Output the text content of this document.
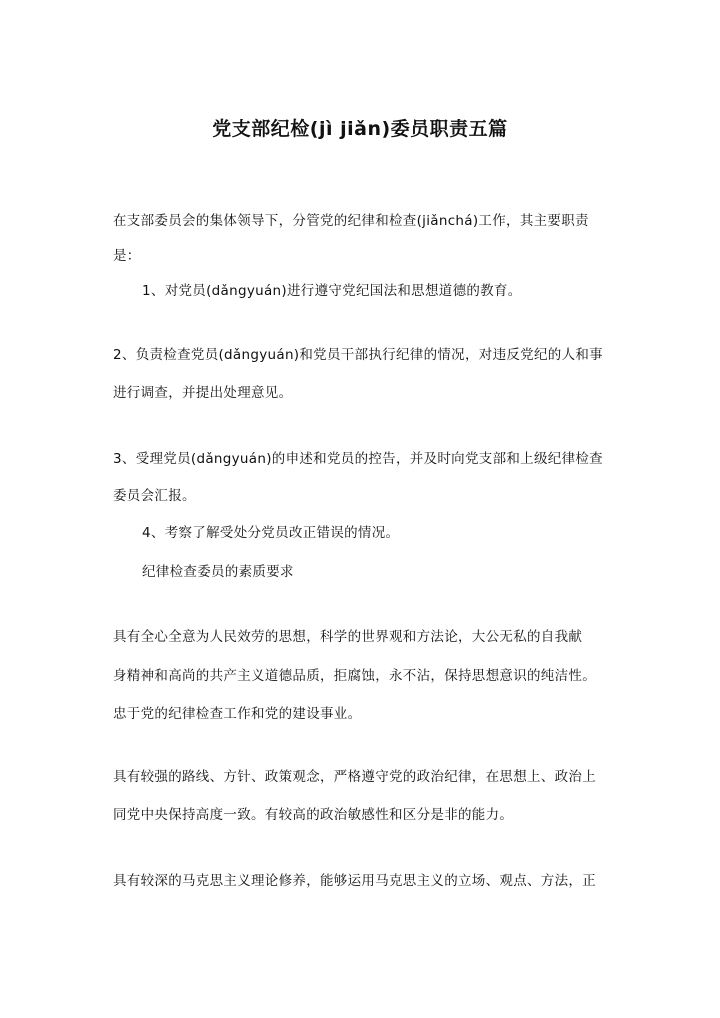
党支部纪检(jì jiǎn)委员职责五篇
在支部委员会的集体领导下，分管党的纪律和检查(jiǎnchá)工作，其主要职责
是：
1、对党员(dǎngyuán)进行遵守党纪国法和思想道德的教育。
2、负责检查党员(dǎngyuán)和党员干部执行纪律的情况，对违反党纪的人和事
进行调查，并提出处理意见。
3、受理党员(dǎngyuán)的申述和党员的控告，并及时向党支部和上级纪律检查
委员会汇报。
4、考察了解受处分党员改正错误的情况。
纪律检查委员的素质要求
具有全心全意为人民效劳的思想，科学的世界观和方法论，大公无私的自我献
身精神和高尚的共产主义道德品质，拒腐蚀，永不沾，保持思想意识的纯洁性。
忠于党的纪律检查工作和党的建设事业。
具有较强的路线、方针、政策观念，严格遵守党的政治纪律，在思想上、政治上
同党中央保持高度一致。有较高的政治敏感性和区分是非的能力。
具有较深的马克思主义理论修养，能够运用马克思主义的立场、观点、方法，正
